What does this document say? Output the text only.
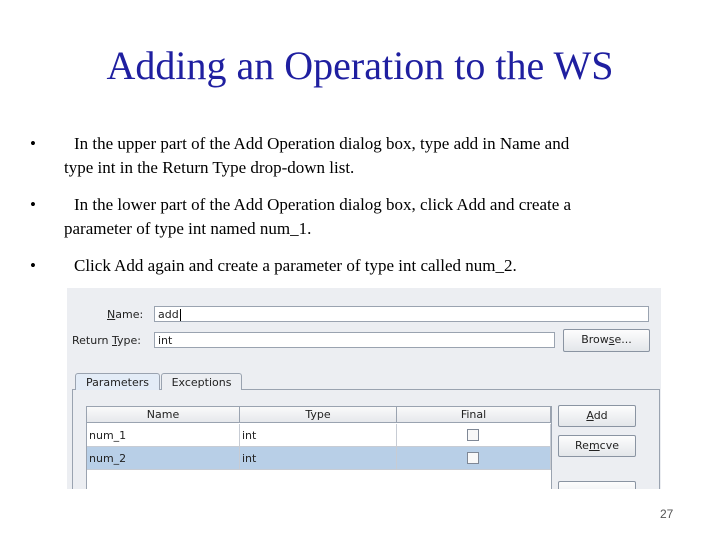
Adding an Operation to the WS
• In the upper part of the Add Operation dialog box, type add in Name and
type int in the Return Type drop-down list.
• In the lower part of the Add Operation dialog box, click Add and create a
parameter of type int named num_1.
• Click Add again and create a parameter of type int called num_2.
Name:	add
Return Type:	int	Browse...
Parameters	Exceptions
Name	Type	Final
num_1	int
num_2	int
Add
Remcve
27
